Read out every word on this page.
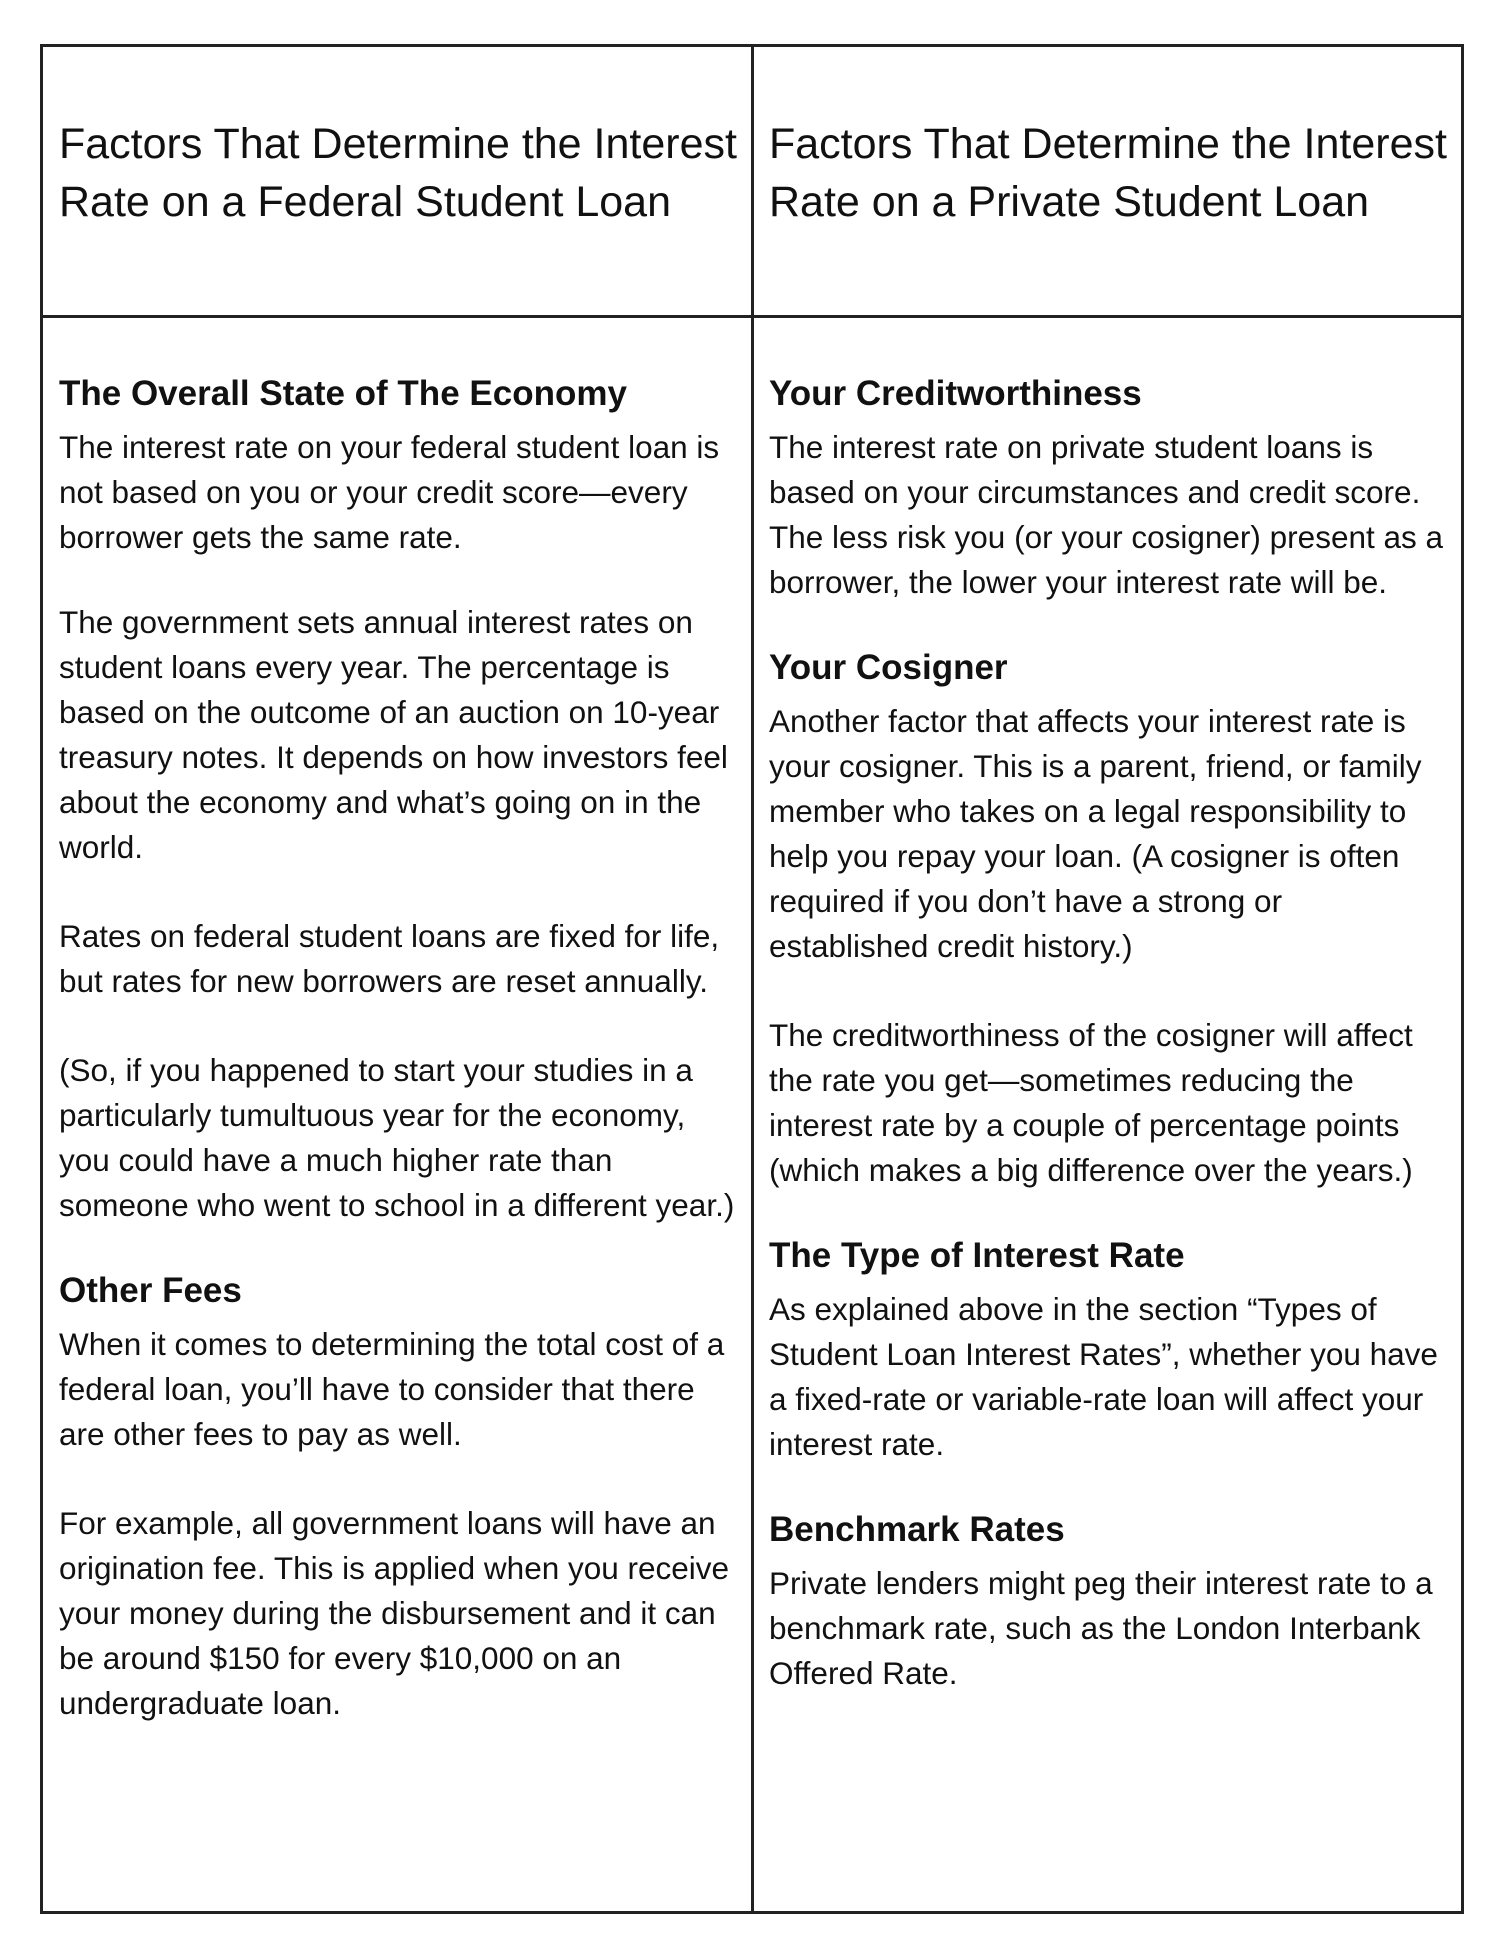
Factors That Determine the Interest Rate on a Federal Student Loan
Factors That Determine the Interest Rate on a Private Student Loan
The Overall State of The Economy

The interest rate on your federal student loan is not based on you or your credit score—every borrower gets the same rate.

The government sets annual interest rates on student loans every year. The percentage is based on the outcome of an auction on 10-year treasury notes. It depends on how investors feel about the economy and what’s going on in the world.

Rates on federal student loans are fixed for life, but rates for new borrowers are reset annually.

(So, if you happened to start your studies in a particularly tumultuous year for the economy, you could have a much higher rate than someone who went to school in a different year.)

Other Fees

When it comes to determining the total cost of a federal loan, you’ll have to consider that there are other fees to pay as well.

For example, all government loans will have an origination fee. This is applied when you receive your money during the disbursement and it can be around $150 for every $10,000 on an undergraduate loan.

Your Creditworthiness

The interest rate on private student loans is based on your circumstances and credit score. The less risk you (or your cosigner) present as a borrower, the lower your interest rate will be.

Your Cosigner

Another factor that affects your interest rate is your cosigner. This is a parent, friend, or family member who takes on a legal responsibility to help you repay your loan. (A cosigner is often required if you don’t have a strong or established credit history.)

The creditworthiness of the cosigner will affect the rate you get—sometimes reducing the interest rate by a couple of percentage points (which makes a big difference over the years.)

The Type of Interest Rate

As explained above in the section “Types of Student Loan Interest Rates”, whether you have a fixed-rate or variable-rate loan will affect your interest rate.

Benchmark Rates

Private lenders might peg their interest rate to a benchmark rate, such as the London Interbank Offered Rate.
